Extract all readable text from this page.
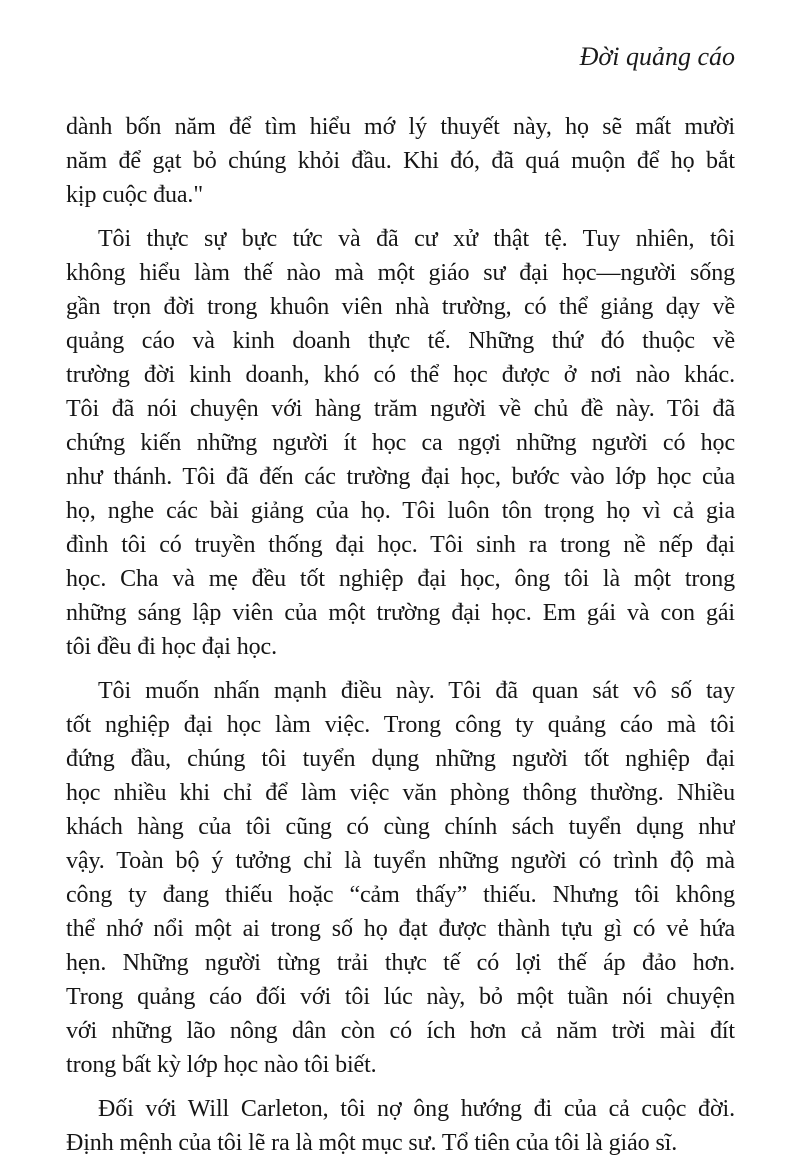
Đời quảng cáo
dành bốn năm để tìm hiểu mớ lý thuyết này, họ sẽ mất mười
năm để gạt bỏ chúng khỏi đầu. Khi đó, đã quá muộn để họ bắt
kịp cuộc đua."
Tôi thực sự bực tức và đã cư xử thật tệ. Tuy nhiên, tôi
không hiểu làm thế nào mà một giáo sư đại học—người sống
gần trọn đời trong khuôn viên nhà trường, có thể giảng dạy về
quảng cáo và kinh doanh thực tế. Những thứ đó thuộc về
trường đời kinh doanh, khó có thể học được ở nơi nào khác.
Tôi đã nói chuyện với hàng trăm người về chủ đề này. Tôi đã
chứng kiến những người ít học ca ngợi những người có học
như thánh. Tôi đã đến các trường đại học, bước vào lớp học của
họ, nghe các bài giảng của họ. Tôi luôn tôn trọng họ vì cả gia
đình tôi có truyền thống đại học. Tôi sinh ra trong nề nếp đại
học. Cha và mẹ đều tốt nghiệp đại học, ông tôi là một trong
những sáng lập viên của một trường đại học. Em gái và con gái
tôi đều đi học đại học.
Tôi muốn nhấn mạnh điều này. Tôi đã quan sát vô số tay
tốt nghiệp đại học làm việc. Trong công ty quảng cáo mà tôi
đứng đầu, chúng tôi tuyển dụng những người tốt nghiệp đại
học nhiều khi chỉ để làm việc văn phòng thông thường. Nhiều
khách hàng của tôi cũng có cùng chính sách tuyển dụng như
vậy. Toàn bộ ý tưởng chỉ là tuyển những người có trình độ mà
công ty đang thiếu hoặc “cảm thấy” thiếu. Nhưng tôi không
thể nhớ nổi một ai trong số họ đạt được thành tựu gì có vẻ hứa
hẹn. Những người từng trải thực tế có lợi thế áp đảo hơn.
Trong quảng cáo đối với tôi lúc này, bỏ một tuần nói chuyện
với những lão nông dân còn có ích hơn cả năm trời mài đít
trong bất kỳ lớp học nào tôi biết.
Đối với Will Carleton, tôi nợ ông hướng đi của cả cuộc đời.
Định mệnh của tôi lẽ ra là một mục sư. Tổ tiên của tôi là giáo sĩ.
